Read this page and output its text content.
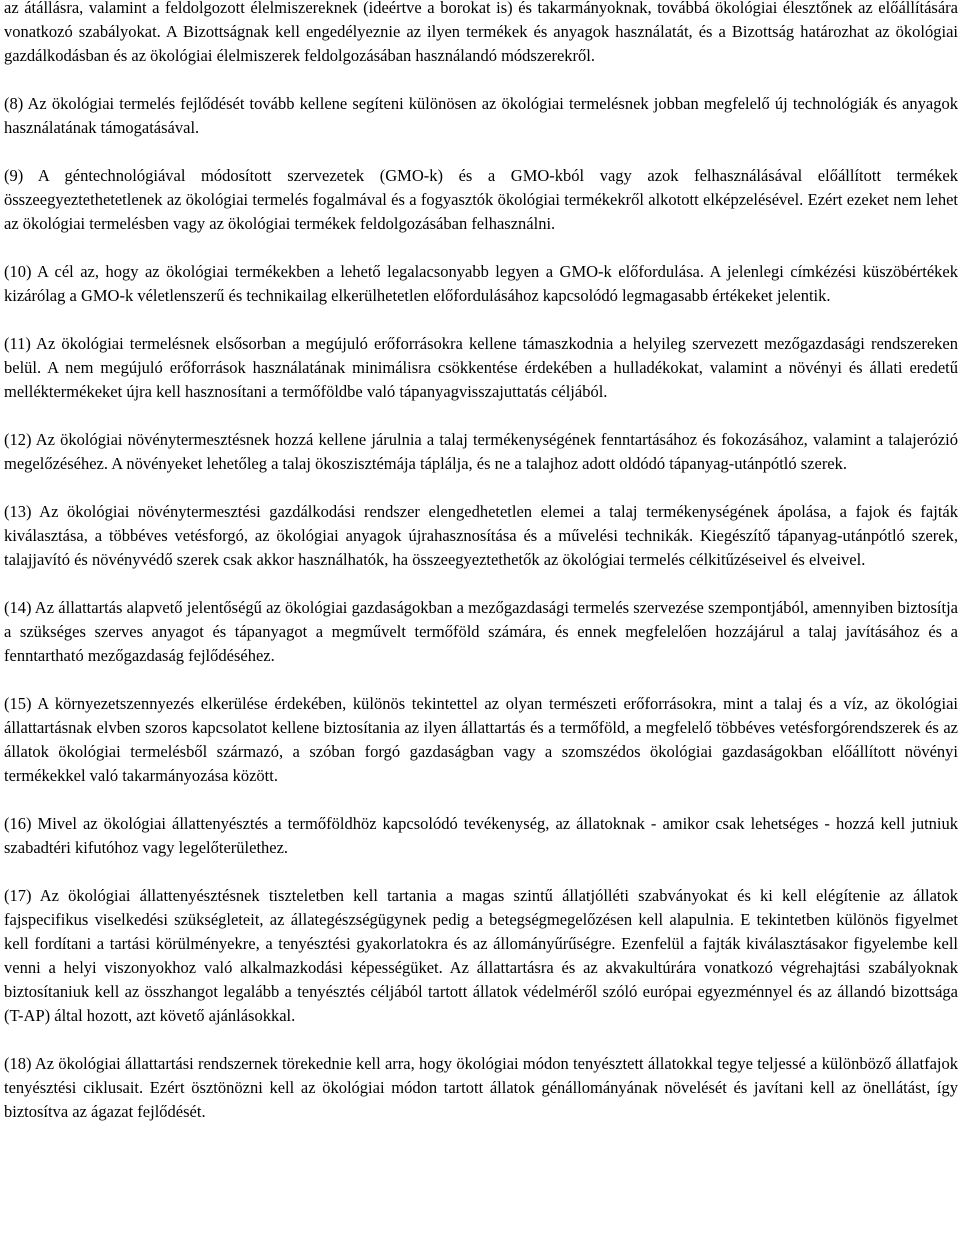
az átállásra, valamint a feldolgozott élelmiszereknek (ideértve a borokat is) és takarmányoknak, továbbá ökológiai élesztőnek az előállítására vonatkozó szabályokat. A Bizottságnak kell engedélyeznie az ilyen termékek és anyagok használatát, és a Bizottság határozhat az ökológiai gazdálkodásban és az ökológiai élelmiszerek feldolgozásában használandó módszerekről.

(8) Az ökológiai termelés fejlődését tovább kellene segíteni különösen az ökológiai termelésnek jobban megfelelő új technológiák és anyagok használatának támogatásával.

(9) A géntechnológiával módosított szervezetek (GMO-k) és a GMO-kból vagy azok felhasználásával előállított termékek összeegyeztethetetlenek az ökológiai termelés fogalmával és a fogyasztók ökológiai termékekről alkotott elképzelésével. Ezért ezeket nem lehet az ökológiai termelésben vagy az ökológiai termékek feldolgozásában felhasználni.

(10) A cél az, hogy az ökológiai termékekben a lehető legalacsonyabb legyen a GMO-k előfordulása. A jelenlegi címkézési küszöbértékek kizárólag a GMO-k véletlenszerű és technikailag elkerülhetetlen előfordulásához kapcsolódó legmagasabb értékeket jelentik.

(11) Az ökológiai termelésnek elsősorban a megújuló erőforrásokra kellene támaszkodnia a helyileg szervezett mezőgazdasági rendszereken belül. A nem megújuló erőforrások használatának minimálisra csökkentése érdekében a hulladékokat, valamint a növényi és állati eredetű melléktermékeket újra kell hasznosítani a termőföldbe való tápanyagvisszajuttatás céljából.

(12) Az ökológiai növénytermesztésnek hozzá kellene járulnia a talaj termékenységének fenntartásához és fokozásához, valamint a talajerózió megelőzéséhez. A növényeket lehetőleg a talaj ökoszisztémája táplálja, és ne a talajhoz adott oldódó tápanyag-utánpótló szerek.

(13) Az ökológiai növénytermesztési gazdálkodási rendszer elengedhetetlen elemei a talaj termékenységének ápolása, a fajok és fajták kiválasztása, a többéves vetésforgó, az ökológiai anyagok újrahasznosítása és a művelési technikák. Kiegészítő tápanyag-utánpótló szerek, talajjavító és növényvédő szerek csak akkor használhatók, ha összeegyeztethetők az ökológiai termelés célkitűzéseivel és elveivel.

(14) Az állattartás alapvető jelentőségű az ökológiai gazdaságokban a mezőgazdasági termelés szervezése szempontjából, amennyiben biztosítja a szükséges szerves anyagot és tápanyagot a megművelt termőföld számára, és ennek megfelelően hozzájárul a talaj javításához és a fenntartható mezőgazdaság fejlődéséhez.

(15) A környezetszennyezés elkerülése érdekében, különös tekintettel az olyan természeti erőforrásokra, mint a talaj és a víz, az ökológiai állattartásnak elvben szoros kapcsolatot kellene biztosítania az ilyen állattartás és a termőföld, a megfelelő többéves vetésforgórendszerek és az állatok ökológiai termelésből származó, a szóban forgó gazdaságban vagy a szomszédos ökológiai gazdaságokban előállított növényi termékekkel való takarmányozása között.

(16) Mivel az ökológiai állattenyésztés a termőföldhöz kapcsolódó tevékenység, az állatoknak - amikor csak lehetséges - hozzá kell jutniuk szabadtéri kifutóhoz vagy legelőterülethez.

(17) Az ökológiai állattenyésztésnek tiszteletben kell tartania a magas szintű állatjólléti szabványokat és ki kell elégítenie az állatok fajspecifikus viselkedési szükségleteit, az állategészségügynek pedig a betegségmegelőzésen kell alapulnia. E tekintetben különös figyelmet kell fordítani a tartási körülményekre, a tenyésztési gyakorlatokra és az állományűrűségre. Ezenfelül a fajták kiválasztásakor figyelembe kell venni a helyi viszonyokhoz való alkalmazkodási képességüket. Az állattartásra és az akvakultúrára vonatkozó végrehajtási szabályoknak biztosítaniuk kell az összhangot legalább a tenyésztés céljából tartott állatok védelméről szóló európai egyezménnyel és az állandó bizottsága (T-AP) által hozott, azt követő ajánlásokkal.

(18) Az ökológiai állattartási rendszernek törekednie kell arra, hogy ökológiai módon tenyésztett állatokkal tegye teljessé a különböző állatfajok tenyésztési ciklusait. Ezért ösztönözni kell az ökológiai módon tartott állatok génállományának növelését és javítani kell az önellátást, így biztosítva az ágazat fejlődését.
